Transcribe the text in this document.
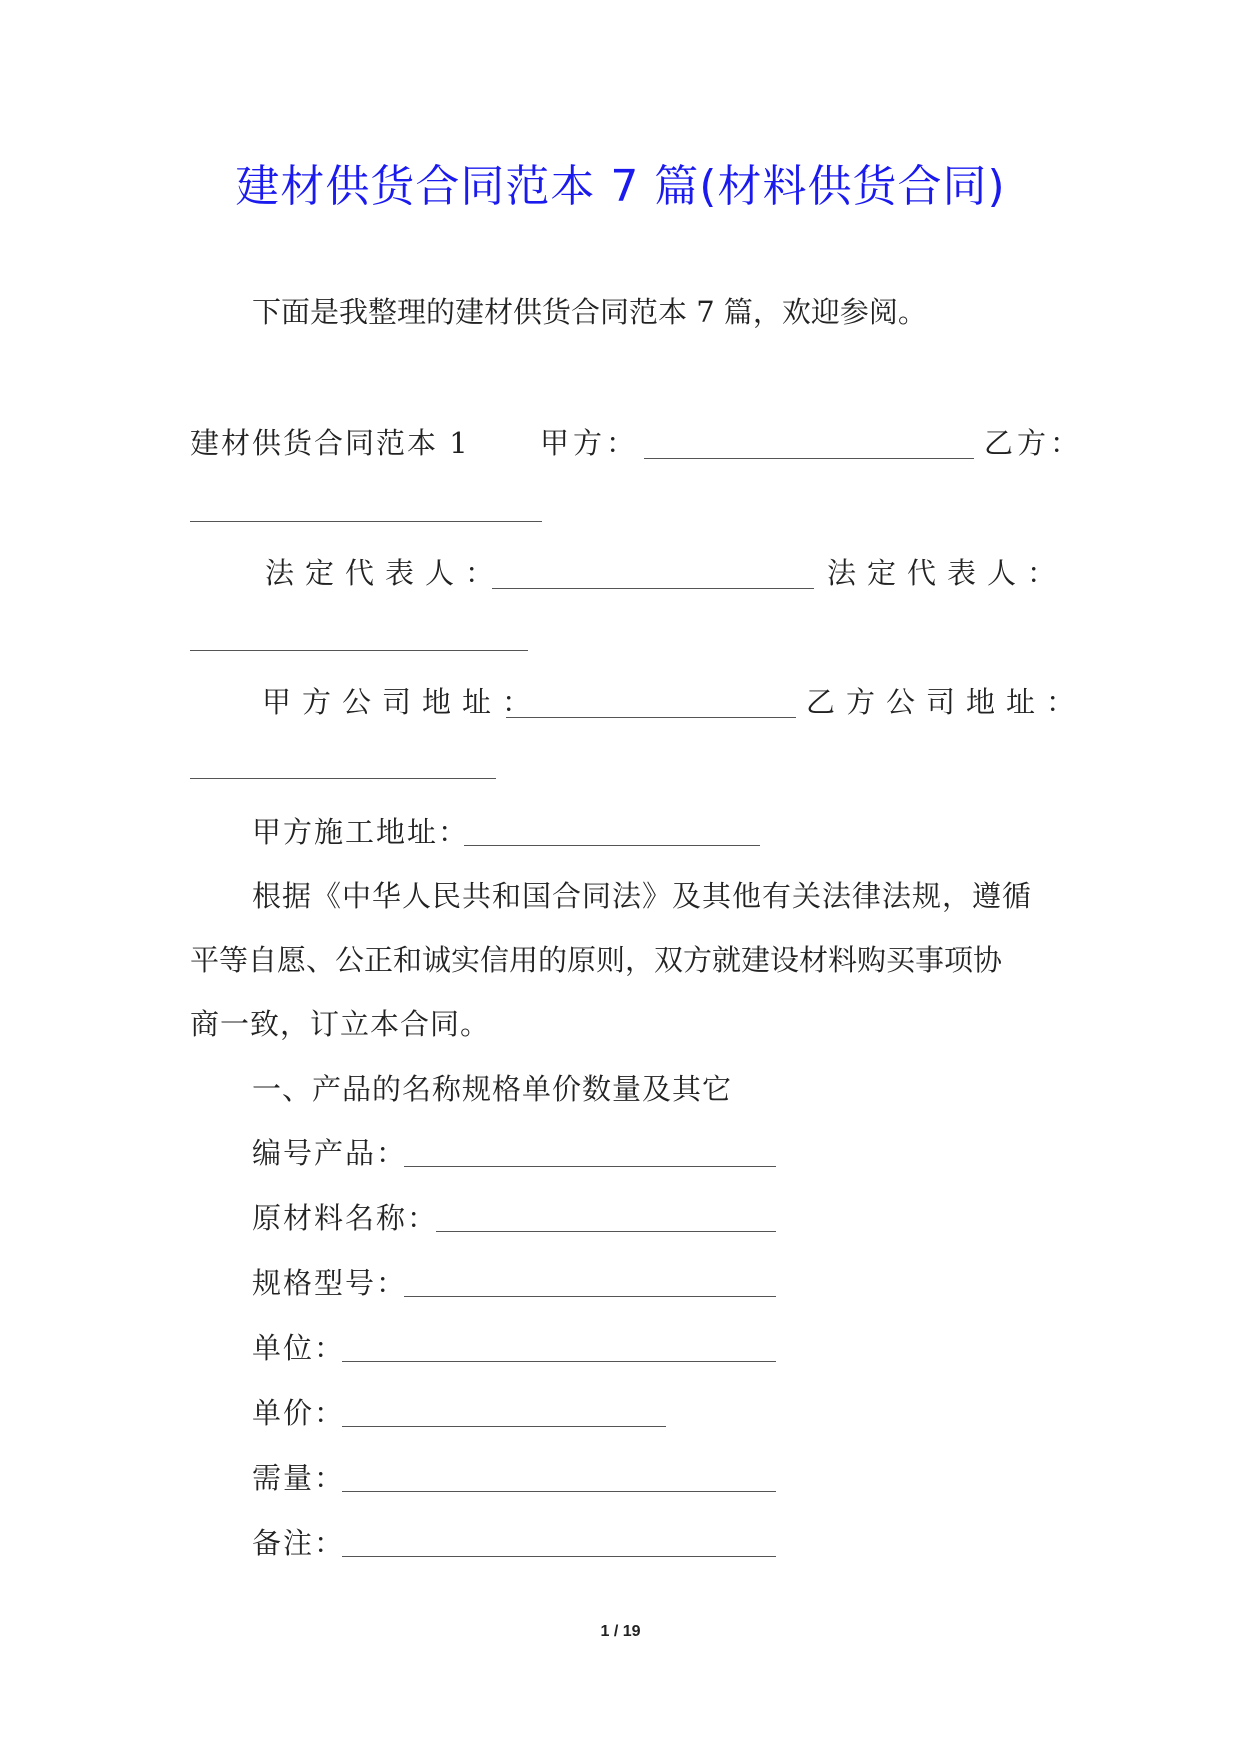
建材供货合同范本 7 篇(材料供货合同)
下面是我整理的建材供货合同范本 7 篇，欢迎参阅。
建材供货合同范本 1 甲方：	乙方：
法定代表人：	法定代表人：
甲方公司地址：	乙方公司地址：
甲方施工地址：
根据《中华人民共和国合同法》及其他有关法律法规，遵循
平等自愿、公正和诚实信用的原则，双方就建设材料购买事项协
商一致，订立本合同。
一、产品的名称规格单价数量及其它
编号产品：
原材料名称：
规格型号：
单位：
单价：
需量：
备注：
1 / 19
